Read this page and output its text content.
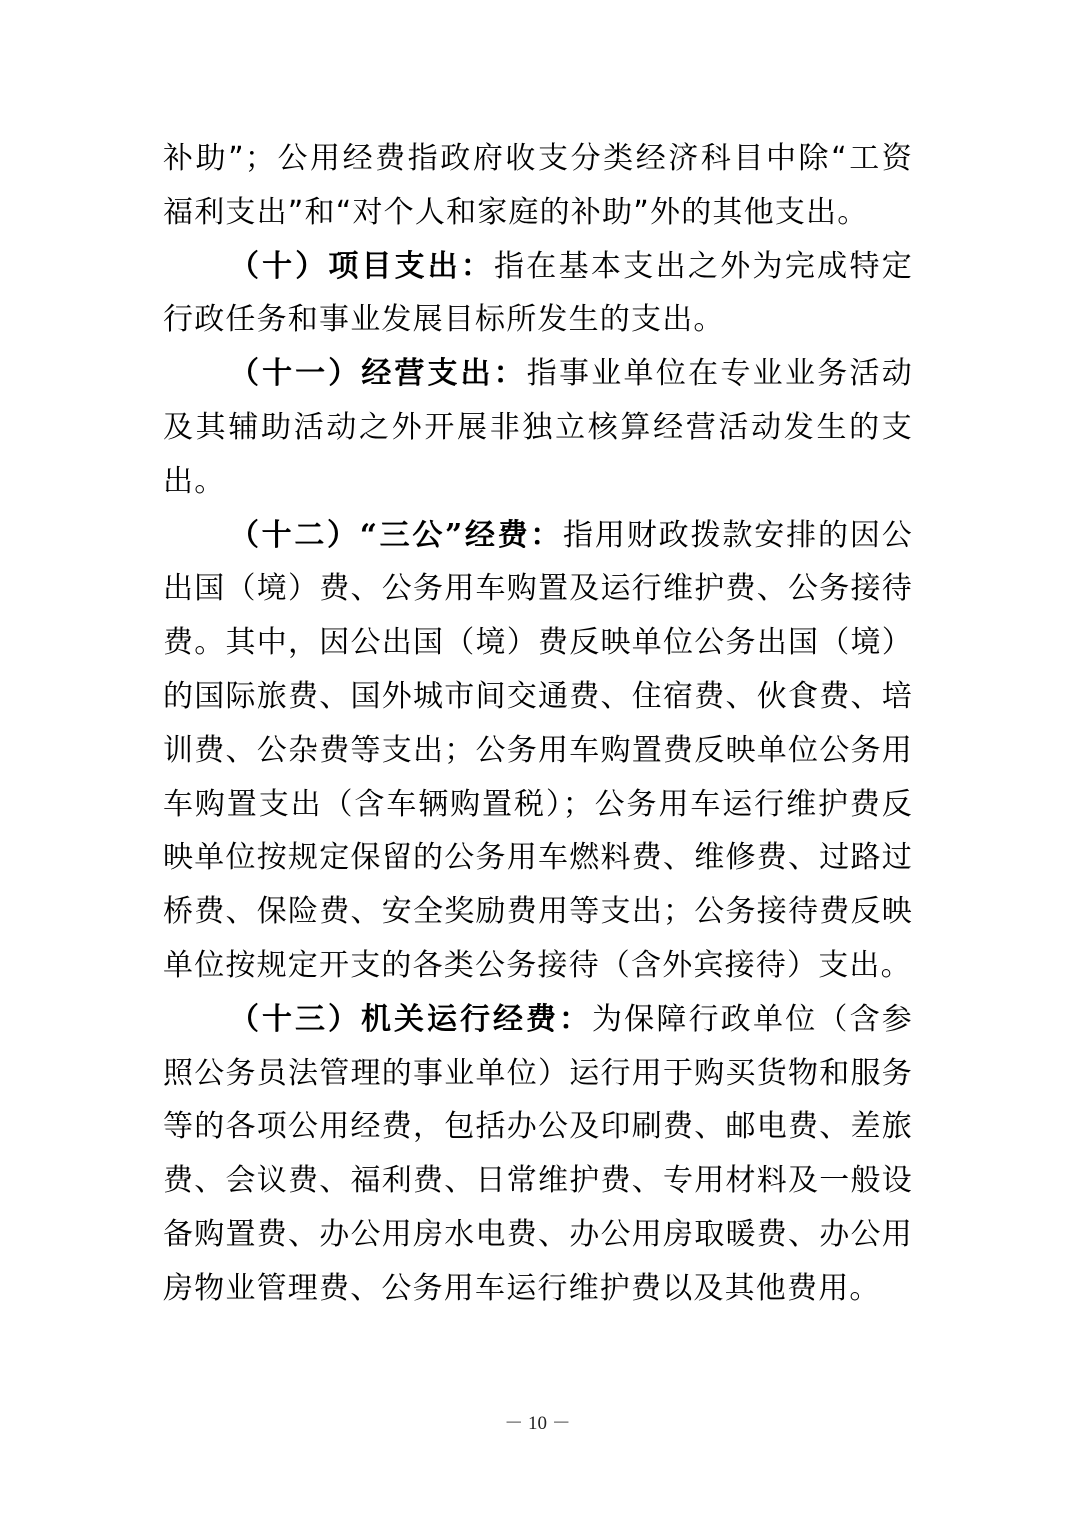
补助”；公用经费指政府收支分类经济科目中除“工资福利支出”和“对个人和家庭的补助”外的其他支出。

（十）项目支出：指在基本支出之外为完成特定行政任务和事业发展目标所发生的支出。

（十一）经营支出：指事业单位在专业业务活动及其辅助活动之外开展非独立核算经营活动发生的支出。

（十二）“三公”经费：指用财政拨款安排的因公出国（境）费、公务用车购置及运行维护费、公务接待费。其中，因公出国（境）费反映单位公务出国（境）的国际旅费、国外城市间交通费、住宿费、伙食费、培训费、公杂费等支出；公务用车购置费反映单位公务用车购置支出（含车辆购置税）；公务用车运行维护费反映单位按规定保留的公务用车燃料费、维修费、过路过桥费、保险费、安全奖励费用等支出；公务接待费反映单位按规定开支的各类公务接待（含外宾接待）支出。

（十三）机关运行经费：为保障行政单位（含参照公务员法管理的事业单位）运行用于购买货物和服务等的各项公用经费，包括办公及印刷费、邮电费、差旅费、会议费、福利费、日常维护费、专用材料及一般设备购置费、办公用房水电费、办公用房取暖费、办公用房物业管理费、公务用车运行维护费以及其他费用。

－ 10 －
